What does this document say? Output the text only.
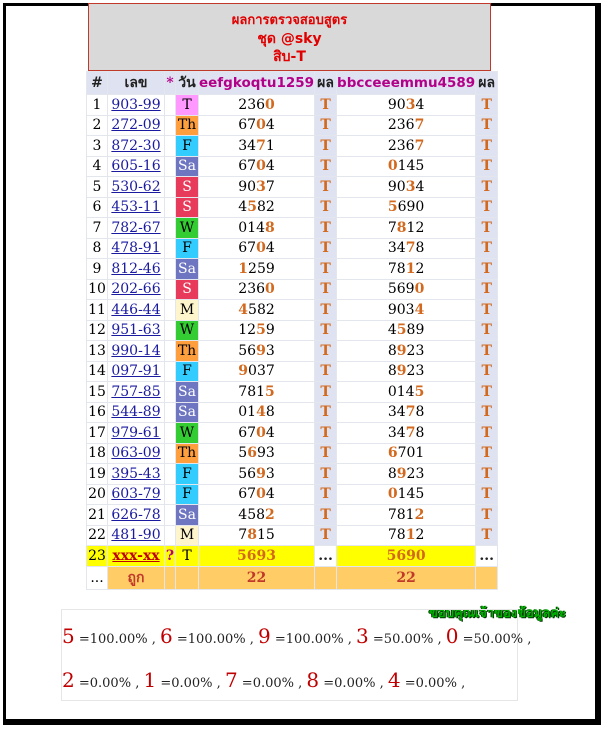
ผลการตรวจสอบสูตร
ชุด @sky
สิบ-T
#	เลข	*	วัน	eefgkoqtu1259	ผล	bbcceeemmu4589	ผล
1	903-99		T	2360	T	9034	T
2	272-09		Th	6704	T	2367	T
3	872-30		F	3471	T	2367	T
4	605-16		Sa	6704	T	0145	T
5	530-62		S	9037	T	9034	T
6	453-11		S	4582	T	5690	T
7	782-67		W	0148	T	7812	T
8	478-91		F	6704	T	3478	T
9	812-46		Sa	1259	T	7812	T
10	202-66		S	2360	T	5690	T
11	446-44		M	4582	T	9034	T
12	951-63		W	1259	T	4589	T
13	990-14		Th	5693	T	8923	T
14	097-91		F	9037	T	8923	T
15	757-85		Sa	7815	T	0145	T
16	544-89		Sa	0148	T	3478	T
17	979-61		W	6704	T	3478	T
18	063-09		Th	5693	T	6701	T
19	395-43		F	5693	T	8923	T
20	603-79		F	6704	T	0145	T
21	626-78		Sa	4582	T	7812	T
22	481-90		M	7815	T	7812	T
23	xxx-xx	?	T	5693	...	5690	...
...	ถูก			22		22	
ขอบคุณเจ้าของข้อมูลค่ะ
5 =100.00% , 6 =100.00% , 9 =100.00% , 3 =50.00% , 0 =50.00% ,
2 =0.00% , 1 =0.00% , 7 =0.00% , 8 =0.00% , 4 =0.00% ,
